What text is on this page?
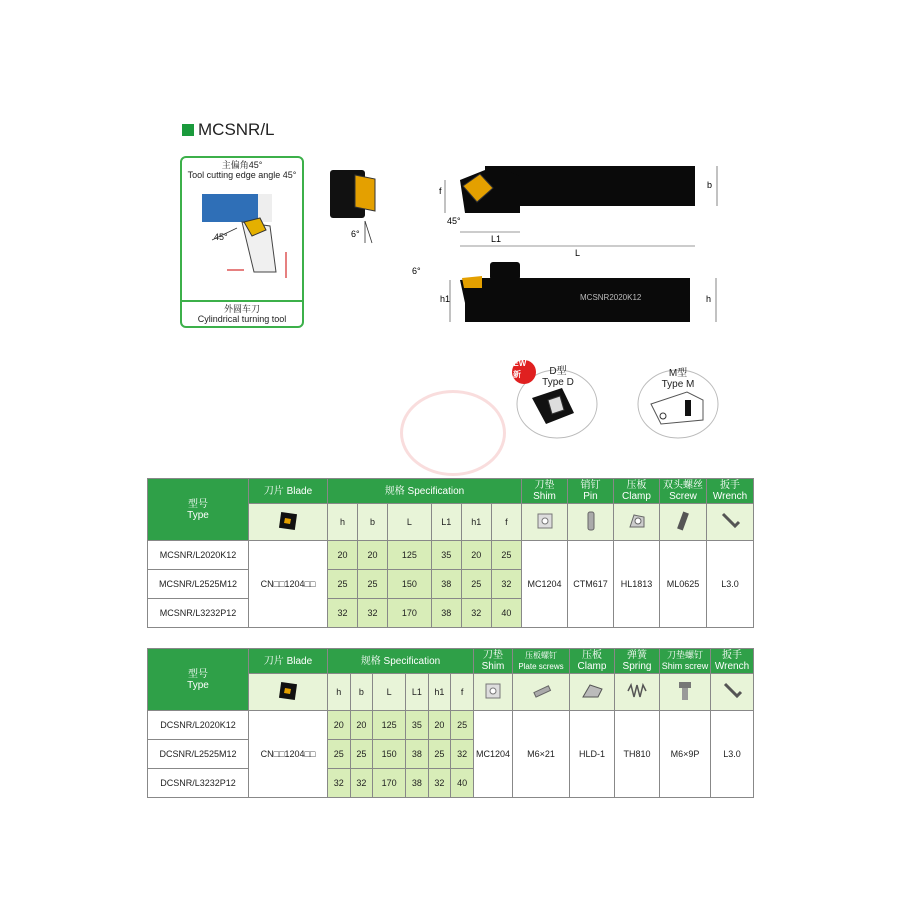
MCSNR/L
主偏角45°
Tool cutting edge angle 45°
45°
外圆车刀
Cylindrical turning tool
6°
f
45°
L1
L
b
MCSNR2020K12
6°
h1	h
NEW
新	D型
Type D
M型
Type M
型号
Type	刀片 Blade	规格 Specification						刀垫
Shim	销钉
Pin	压板
Clamp	双头螺丝
Screw	扳手
Wrench
	h	b	L	L1	h1	f					
MCSNR/L2020K12	CN□□1204□□	20	20	125	35	20	25	MC1204	CTM617	HL1813	ML0625	L3.0
MCSNR/L2525M12		25	25	150	38	25	32					
MCSNR/L3232P12		32	32	170	38	32	40					
型号
Type	刀片 Blade	规格 Specification						刀垫
Shim	压板螺钉
Plate screws	压板
Clamp	弹簧
Spring	刀垫螺钉
Shim screw	扳手
Wrench
	h	b	L	L1	h1	f						
DCSNR/L2020K12	CN□□1204□□	20	20	125	35	20	25	MC1204	M6×21	HLD-1	TH810	M6×9P	L3.0
DCSNR/L2525M12		25	25	150	38	25	32						
DCSNR/L3232P12		32	32	170	38	32	40						
